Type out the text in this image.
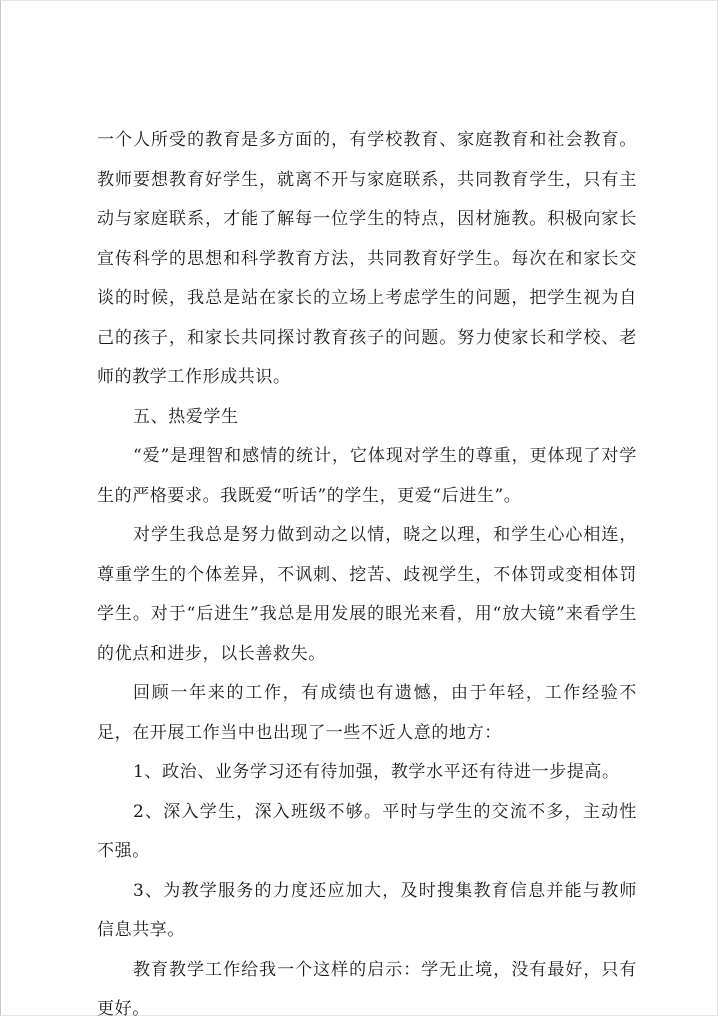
一个人所受的教育是多方面的，有学校教育、家庭教育和社会教育。教师要想教育好学生，就离不开与家庭联系，共同教育学生，只有主动与家庭联系，才能了解每一位学生的特点，因材施教。积极向家长宣传科学的思想和科学教育方法，共同教育好学生。每次在和家长交谈的时候，我总是站在家长的立场上考虑学生的问题，把学生视为自己的孩子，和家长共同探讨教育孩子的问题。努力使家长和学校、老师的教学工作形成共识。

五、热爱学生

“爱”是理智和感情的统计，它体现对学生的尊重，更体现了对学生的严格要求。我既爱“听话”的学生，更爱“后进生”。

对学生我总是努力做到动之以情，晓之以理，和学生心心相连，尊重学生的个体差异，不讽刺、挖苦、歧视学生，不体罚或变相体罚学生。对于“后进生”我总是用发展的眼光来看，用“放大镜”来看学生的优点和进步，以长善救失。

回顾一年来的工作，有成绩也有遗憾，由于年轻，工作经验不足，在开展工作当中也出现了一些不近人意的地方：

1、政治、业务学习还有待加强，教学水平还有待进一步提高。

2、深入学生，深入班级不够。平时与学生的交流不多，主动性不强。

3、为教学服务的力度还应加大，及时搜集教育信息并能与教师信息共享。

教育教学工作给我一个这样的启示：学无止境，没有最好，只有更好。
